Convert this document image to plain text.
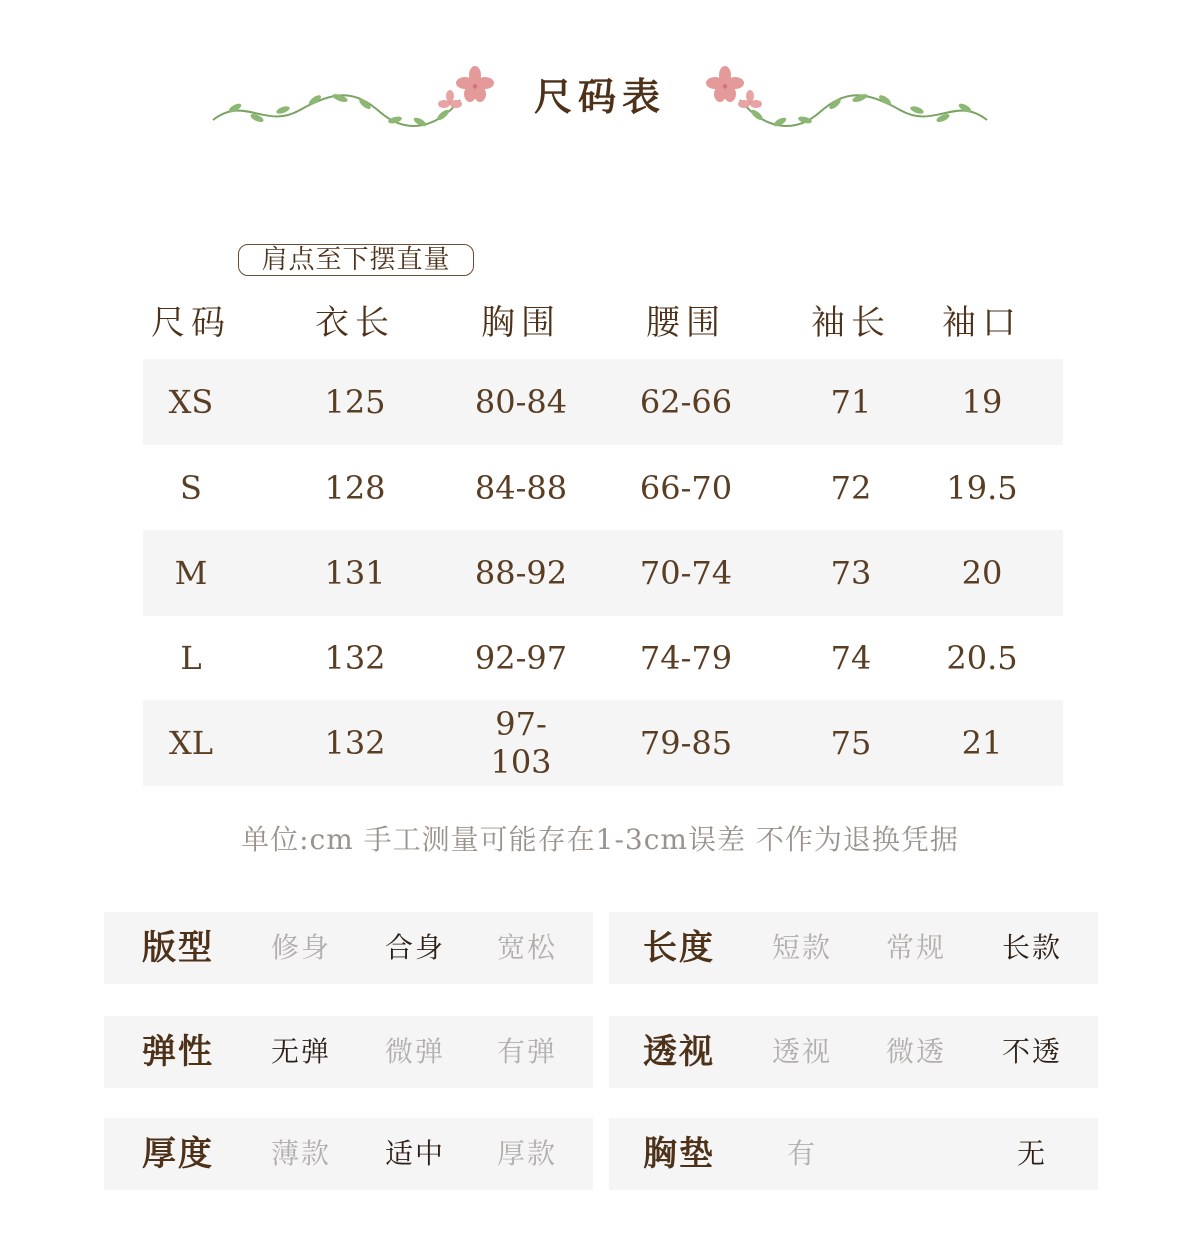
尺码表
肩点至下摆直量
尺码	衣长	胸围	腰围	袖长	袖口
XS	125	80-84	62-66	71	19
S	128	84-88	66-70	72	19.5
M	131	88-92	70-74	73	20
L	132	92-97	74-79	74	20.5
XL	132	97-103	79-85	75	21
单位:cm 手工测量可能存在1-3cm误差 不作为退换凭据
版型	修身	合身	宽松	长度	短款	常规	长款
弹性	无弹	微弹	有弹	透视	透视	微透	不透
厚度	薄款	适中	厚款	胸垫	有	无
